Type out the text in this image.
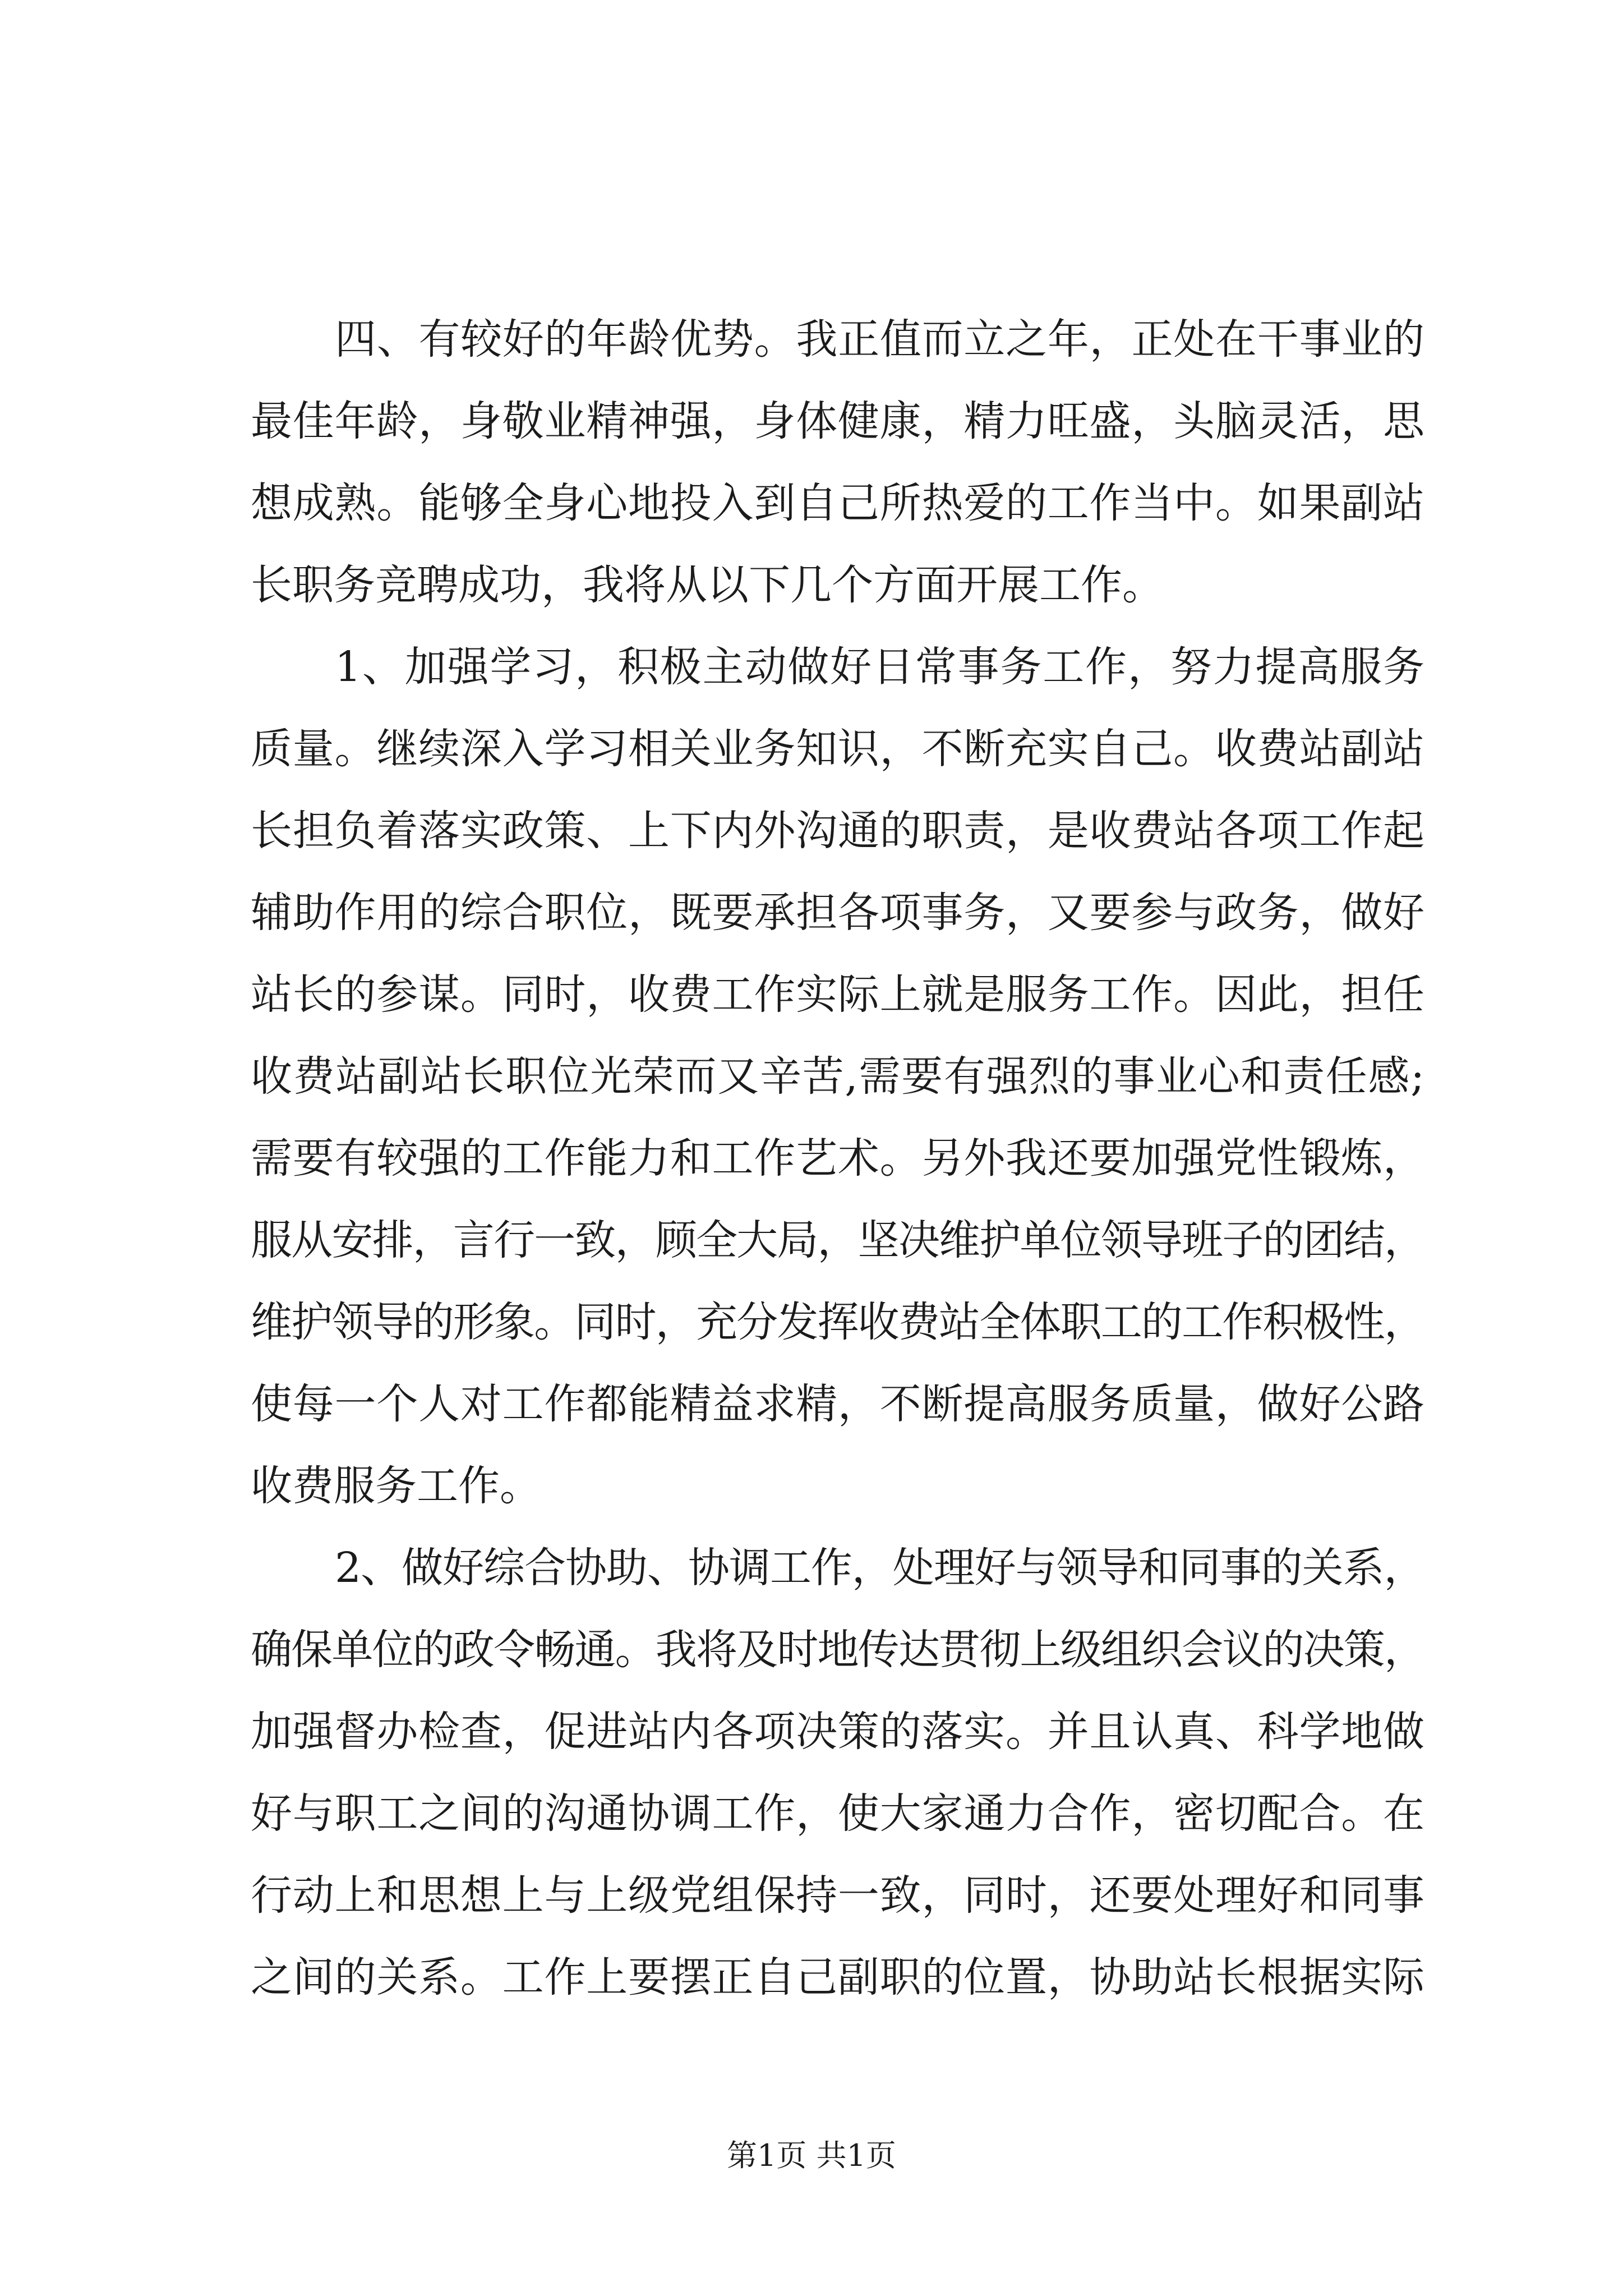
四、有较好的年龄优势。我正值而立之年，正处在干事业的
最佳年龄，身敬业精神强，身体健康，精力旺盛，头脑灵活，思
想成熟。能够全身心地投入到自己所热爱的工作当中。如果副站
长职务竞聘成功，我将从以下几个方面开展工作。
1、加强学习，积极主动做好日常事务工作，努力提高服务
质量。继续深入学习相关业务知识，不断充实自己。收费站副站
长担负着落实政策、上下内外沟通的职责，是收费站各项工作起
辅助作用的综合职位，既要承担各项事务，又要参与政务，做好
站长的参谋。同时，收费工作实际上就是服务工作。因此，担任
收费站副站长职位光荣而又辛苦,需要有强烈的事业心和责任感;
需要有较强的工作能力和工作艺术。另外我还要加强党性锻炼，
服从安排，言行一致，顾全大局，坚决维护单位领导班子的团结，
维护领导的形象。同时，充分发挥收费站全体职工的工作积极性，
使每一个人对工作都能精益求精，不断提高服务质量，做好公路
收费服务工作。
2、做好综合协助、协调工作，处理好与领导和同事的关系，
确保单位的政令畅通。我将及时地传达贯彻上级组织会议的决策，
加强督办检查，促进站内各项决策的落实。并且认真、科学地做
好与职工之间的沟通协调工作，使大家通力合作，密切配合。在
行动上和思想上与上级党组保持一致，同时，还要处理好和同事
之间的关系。工作上要摆正自己副职的位置，协助站长根据实际
第1页 共1页
